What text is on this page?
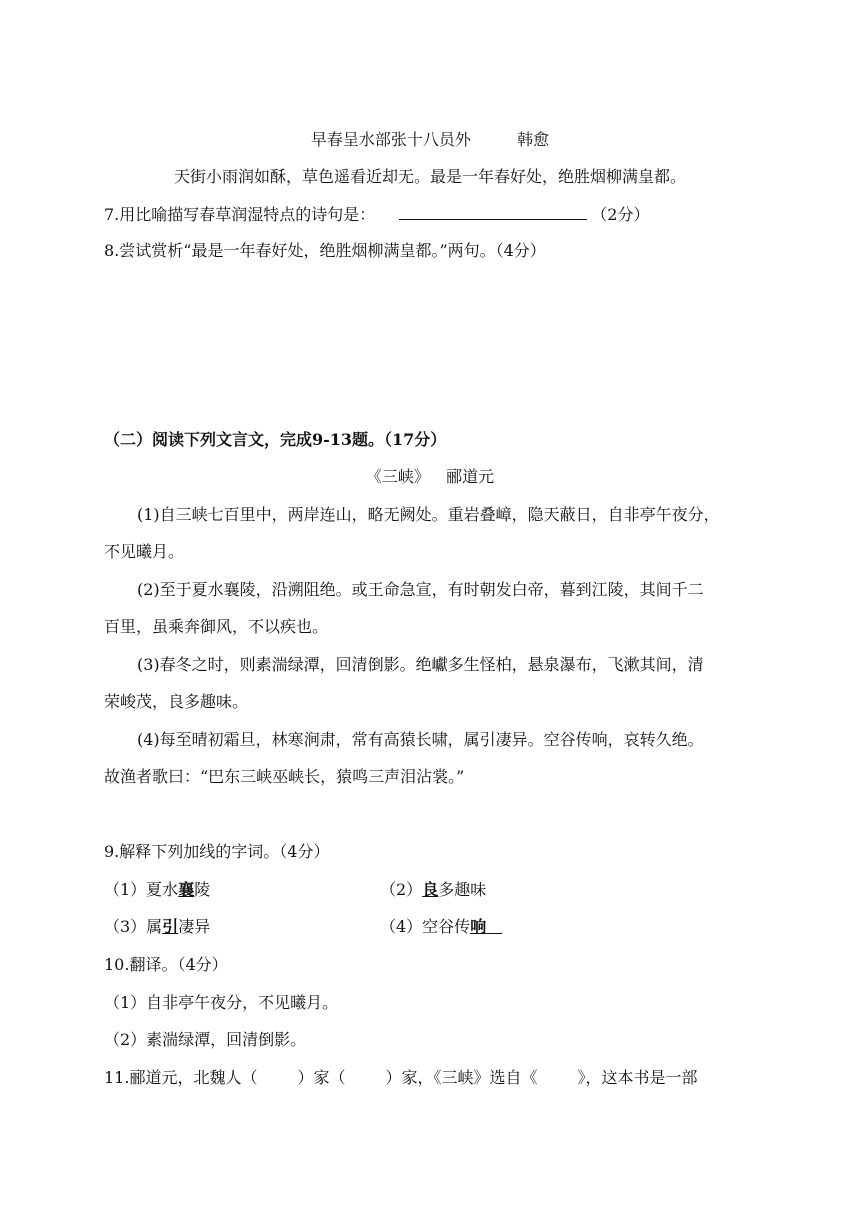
早春呈水部张十八员外	韩愈
天街小雨润如酥，草色遥看近却无。最是一年春好处，绝胜烟柳满皇都。
7.用比喻描写春草润湿特点的诗句是：	（2分）
8.尝试赏析“最是一年春好处，绝胜烟柳满皇都。”两句。（4分）
（二）阅读下列文言文，完成9-13题。（17分）
《三峡》 郦道元
(1)自三峡七百里中，两岸连山，略无阙处。重岩叠嶂，隐天蔽日，自非亭午夜分，
不见曦月。
(2)至于夏水襄陵，沿溯阻绝。或王命急宣，有时朝发白帝，暮到江陵，其间千二
百里，虽乘奔御风，不以疾也。
(3)春冬之时，则素湍绿潭，回清倒影。绝巘多生怪柏，悬泉瀑布，飞漱其间，清
荣峻茂，良多趣味。
(4)每至晴初霜旦，林寒涧肃，常有高猿长啸，属引凄异。空谷传响，哀转久绝。
故渔者歌曰：“巴东三峡巫峡长，猿鸣三声泪沾裳。”
9.解释下列加线的字词。（4分）
（1）夏水襄陵	（2）良多趣味
（3）属引凄异	（4）空谷传响 
10.翻译。（4分）
（1）自非亭午夜分，不见曦月。
（2）素湍绿潭，回清倒影。
11.郦道元，北魏人（	）家（	）家，《三峡》选自《	》，这本书是一部
